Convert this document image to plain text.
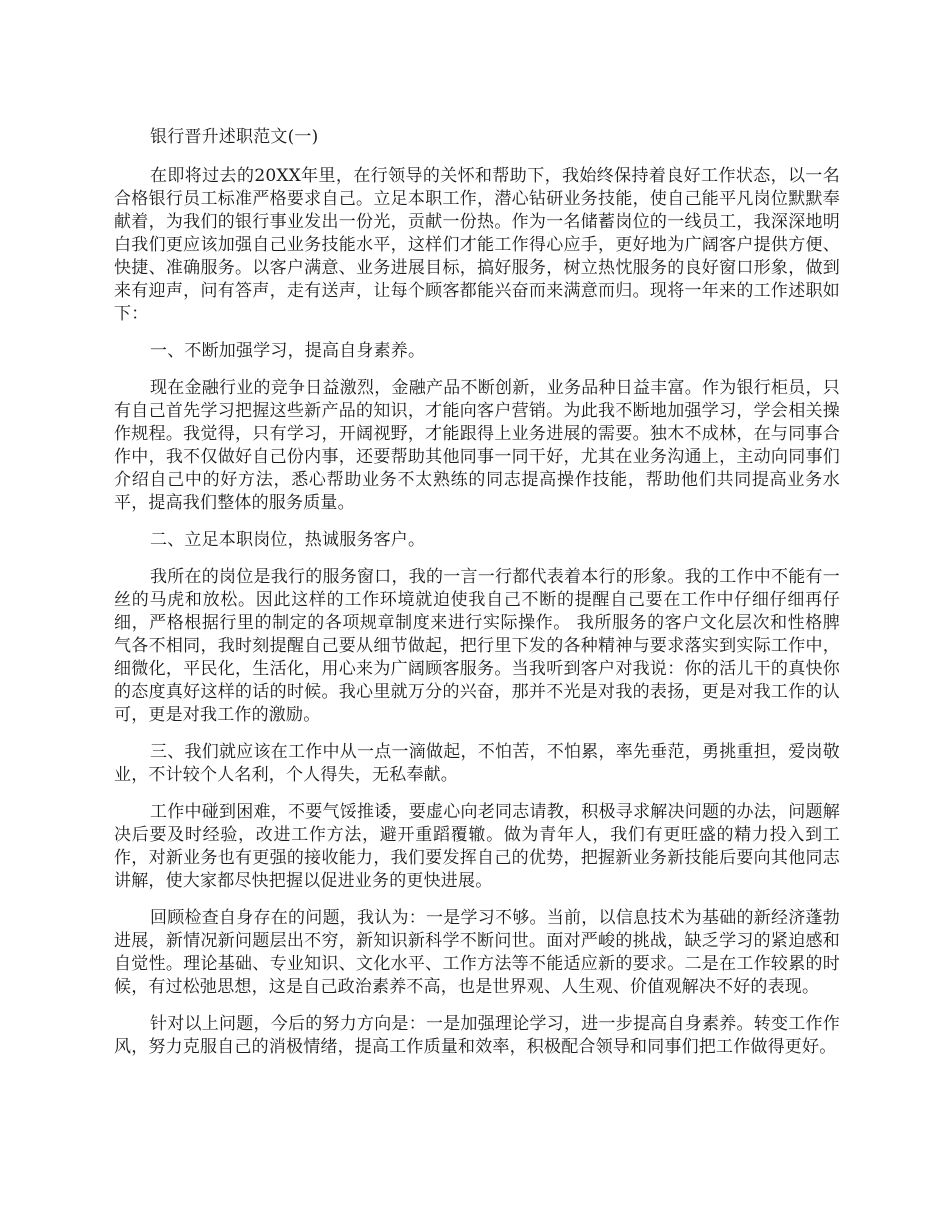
银行晋升述职范文(一)

在即将过去的20XX年里，在行领导的关怀和帮助下，我始终保持着良好工作状态，以一名合格银行员工标准严格要求自己。立足本职工作，潜心钻研业务技能，使自己能平凡岗位默默奉献着，为我们的银行事业发出一份光，贡献一份热。作为一名储蓄岗位的一线员工，我深深地明白我们更应该加强自己业务技能水平，这样们才能工作得心应手，更好地为广阔客户提供方便、快捷、准确服务。以客户满意、业务进展目标，搞好服务，树立热忱服务的良好窗口形象，做到来有迎声，问有答声，走有送声，让每个顾客都能兴奋而来满意而归。现将一年来的工作述职如下：

一、不断加强学习，提高自身素养。

现在金融行业的竞争日益激烈，金融产品不断创新，业务品种日益丰富。作为银行柜员，只有自己首先学习把握这些新产品的知识，才能向客户营销。为此我不断地加强学习，学会相关操作规程。我觉得，只有学习，开阔视野，才能跟得上业务进展的需要。独木不成林，在与同事合作中，我不仅做好自己份内事，还要帮助其他同事一同干好，尤其在业务沟通上，主动向同事们介绍自己中的好方法，悉心帮助业务不太熟练的同志提高操作技能，帮助他们共同提高业务水平，提高我们整体的服务质量。

二、立足本职岗位，热诚服务客户。

我所在的岗位是我行的服务窗口，我的一言一行都代表着本行的形象。我的工作中不能有一丝的马虎和放松。因此这样的工作环境就迫使我自己不断的提醒自己要在工作中仔细仔细再仔细，严格根据行里的制定的各项规章制度来进行实际操作。 我所服务的客户文化层次和性格脾气各不相同，我时刻提醒自己要从细节做起，把行里下发的各种精神与要求落实到实际工作中，细微化，平民化，生活化，用心来为广阔顾客服务。当我听到客户对我说：你的活儿干的真快你的态度真好这样的话的时候。我心里就万分的兴奋，那并不光是对我的表扬，更是对我工作的认可，更是对我工作的激励。

三、我们就应该在工作中从一点一滴做起，不怕苦，不怕累，率先垂范，勇挑重担，爱岗敬业，不计较个人名利，个人得失，无私奉献。

工作中碰到困难，不要气馁推诿，要虚心向老同志请教，积极寻求解决问题的办法，问题解决后要及时经验，改进工作方法，避开重蹈覆辙。做为青年人，我们有更旺盛的精力投入到工作，对新业务也有更强的接收能力，我们要发挥自己的优势，把握新业务新技能后要向其他同志讲解，使大家都尽快把握以促进业务的更快进展。

回顾检查自身存在的问题，我认为：一是学习不够。当前，以信息技术为基础的新经济蓬勃进展，新情况新问题层出不穷，新知识新科学不断问世。面对严峻的挑战，缺乏学习的紧迫感和自觉性。理论基础、专业知识、文化水平、工作方法等不能适应新的要求。二是在工作较累的时候，有过松弛思想，这是自己政治素养不高，也是世界观、人生观、价值观解决不好的表现。

针对以上问题，今后的努力方向是：一是加强理论学习，进一步提高自身素养。转变工作作风，努力克服自己的消极情绪，提高工作质量和效率，积极配合领导和同事们把工作做得更好。
